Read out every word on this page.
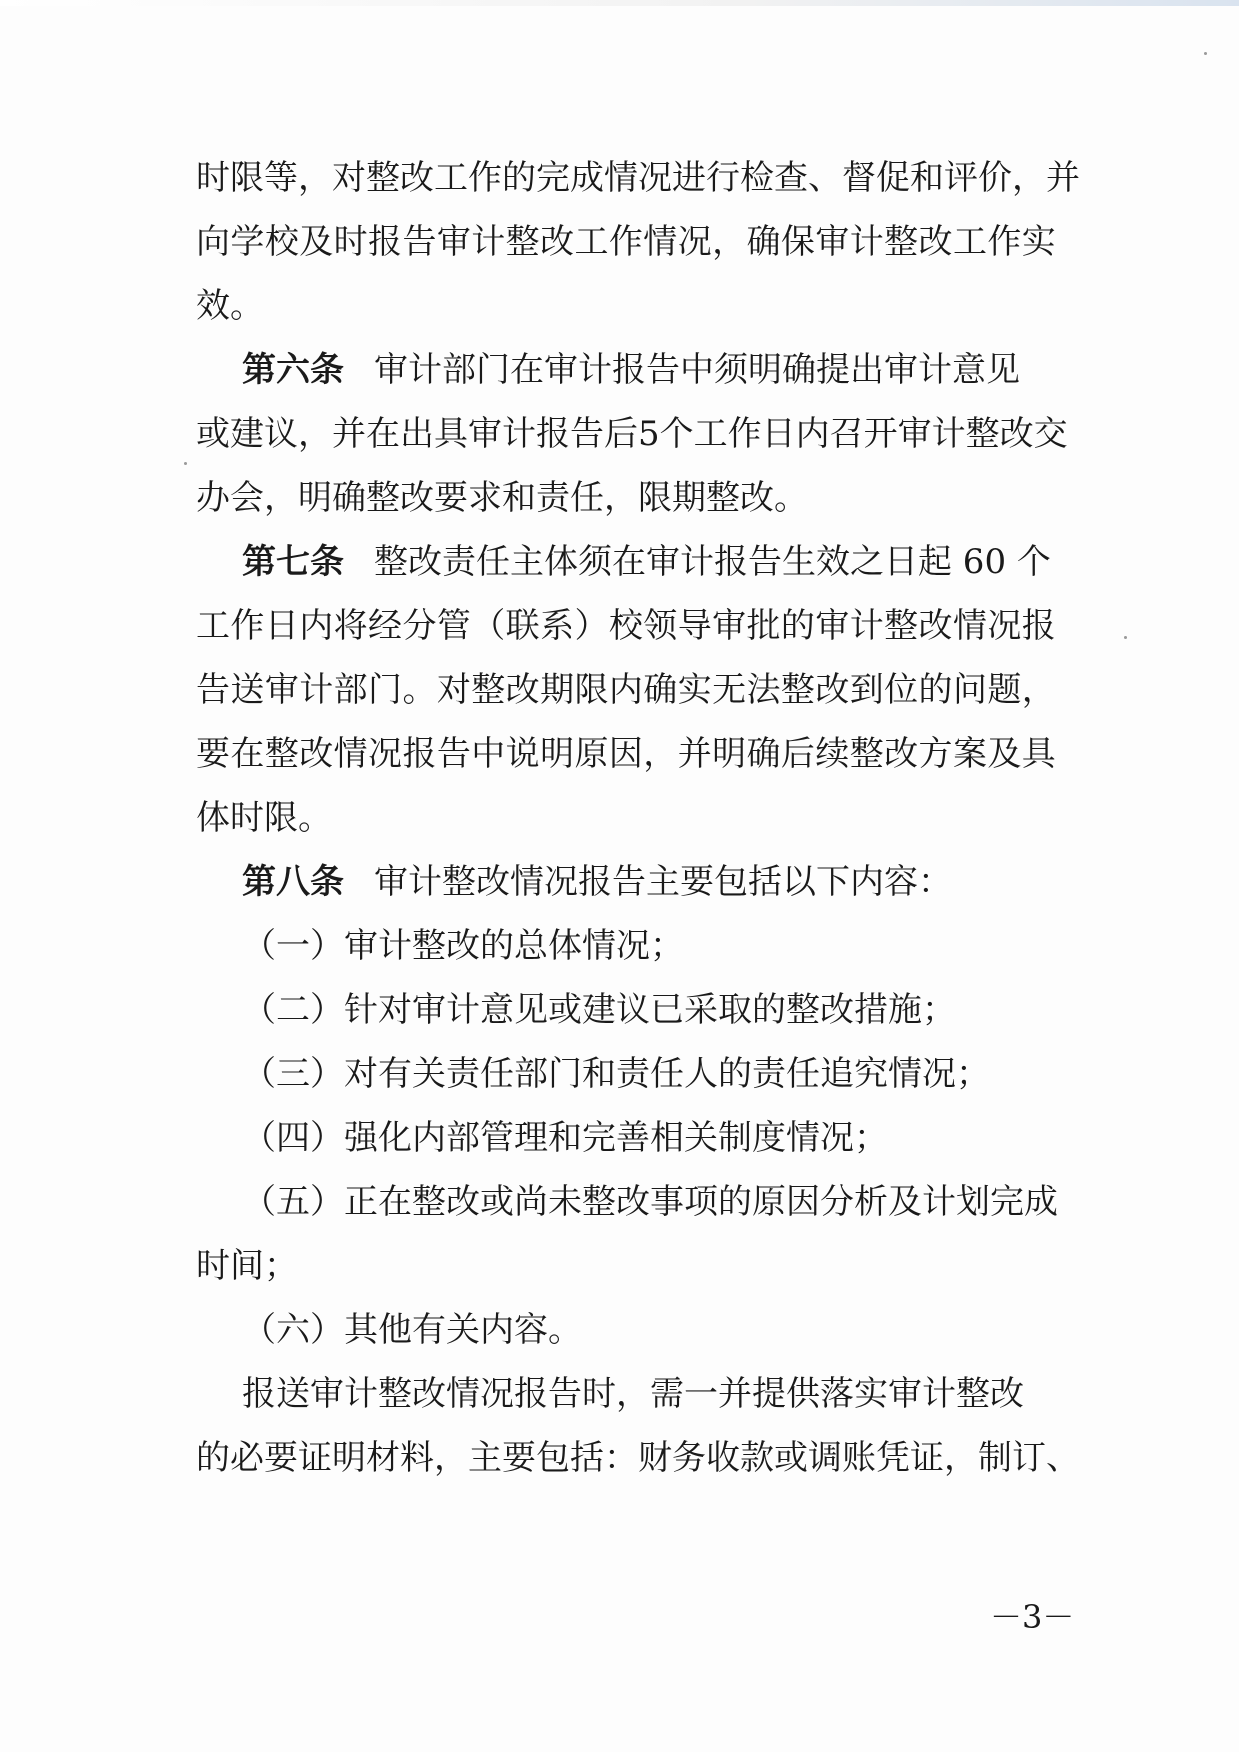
时 限 等 ， 对 整 改 工 作 的 完 成 情 况 进 行 检 查 、 督 促 和 评 价 ， 并
向 学 校 及 时 报 告 审 计 整 改 工 作 情 况 ， 确 保 审 计 整 改 工 作 实
效。
第六条 审计部门在审计报告中须明确提出审计意见
或 建 议 ， 并 在 出 具 审 计 报 告 后 5 个 工 作 日 内 召 开 审 计 整 改 交
办会，明确整改要求和责任，限期整改。
第七条 整改责任主体须在审计报告生效之日起 60 个
工 作 日 内 将 经 分 管 （ 联 系 ） 校 领 导 审 批 的 审 计 整 改 情 况 报
告 送 审 计 部 门 。 对 整 改 期 限 内 确 实 无 法 整 改 到 位 的 问 题 ，
要 在 整 改 情 况 报 告 中 说 明 原 因 ， 并 明 确 后 续 整 改 方 案 及 具
体时限。
第八条 审计整改情况报告主要包括以下内容：
（一）审计整改的总体情况；
（二）针对审计意见或建议已采取的整改措施；
（三）对有关责任部门和责任人的责任追究情况；
（四）强化内部管理和完善相关制度情况；
（五）正在整改或尚未整改事项的原因分析及计划完成
时间；
（六）其他有关内容。
报送审计整改情况报告时，需一并提供落实审计整改
的 必 要 证 明 材 料 ， 主 要 包 括 ： 财 务 收 款 或 调 账 凭 证 ， 制 订 、
－3－
